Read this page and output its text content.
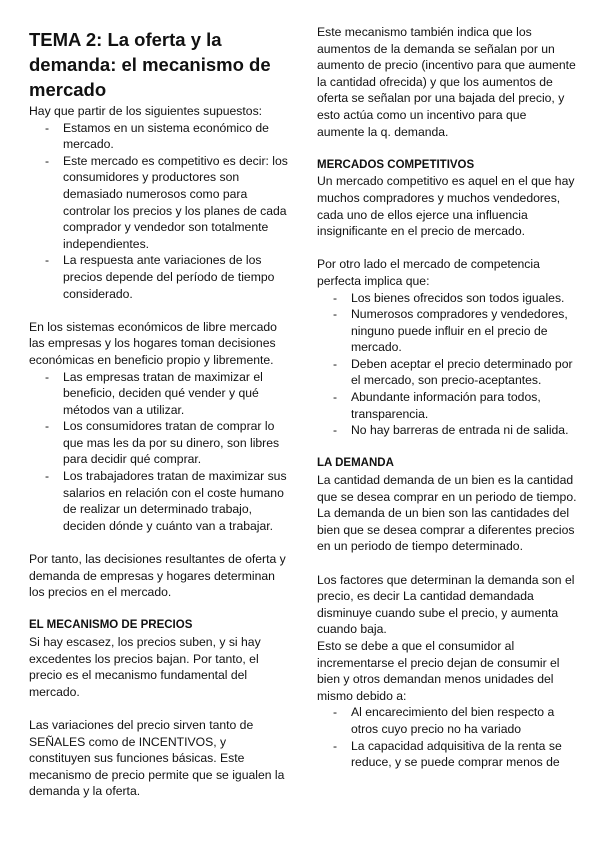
TEMA 2: La oferta y la demanda: el mecanismo de mercado

Hay que partir de los siguientes supuestos:

- Estamos en un sistema económico de mercado.
- Este mercado es competitivo es decir: los consumidores y productores son demasiado numerosos como para controlar los precios y los planes de cada comprador y vendedor son totalmente independientes.
- La respuesta ante variaciones de los precios depende del período de tiempo considerado.

En los sistemas económicos de libre mercado las empresas y los hogares toman decisiones económicas en beneficio propio y libremente.

- Las empresas tratan de maximizar el beneficio, deciden qué vender y qué métodos van a utilizar.
- Los consumidores tratan de comprar lo que mas les da por su dinero, son libres para decidir qué comprar.
- Los trabajadores tratan de maximizar sus salarios en relación con el coste humano de realizar un determinado trabajo, deciden dónde y cuánto van a trabajar.

Por tanto, las decisiones resultantes de oferta y demanda de empresas y hogares determinan los precios en el mercado.

EL MECANISMO DE PRECIOS

Si hay escasez, los precios suben, y si hay excedentes los precios bajan. Por tanto, el precio es el mecanismo fundamental del mercado.

Las variaciones del precio sirven tanto de SEÑALES como de INCENTIVOS, y constituyen sus funciones básicas. Este mecanismo de precio permite que se igualen la demanda y la oferta.

Este mecanismo también indica que los aumentos de la demanda se señalan por un aumento de precio (incentivo para que aumente la cantidad ofrecida) y que los aumentos de oferta se señalan por una bajada del precio, y esto actúa como un incentivo para que aumente la q. demanda.

MERCADOS COMPETITIVOS

Un mercado competitivo es aquel en el que hay muchos compradores y muchos vendedores, cada uno de ellos ejerce una influencia insignificante en el precio de mercado.

Por otro lado el mercado de competencia perfecta implica que:

- Los bienes ofrecidos son todos iguales.
- Numerosos compradores y vendedores, ninguno puede influir en el precio de mercado.
- Deben aceptar el precio determinado por el mercado, son precio-aceptantes.
- Abundante información para todos, transparencia.
- No hay barreras de entrada ni de salida.
LA DEMANDA

La cantidad demanda de un bien es la cantidad que se desea comprar en un periodo de tiempo. La demanda de un bien son las cantidades del bien que se desea comprar a diferentes precios en un periodo de tiempo determinado.

Los factores que determinan la demanda son el precio, es decir La cantidad demandada disminuye cuando sube el precio, y aumenta cuando baja.

Esto se debe a que el consumidor al incrementarse el precio dejan de consumir el bien y otros demandan menos unidades del mismo debido a:

- Al encarecimiento del bien respecto a otros cuyo precio no ha variado
- La capacidad adquisitiva de la renta se reduce, y se puede comprar menos de
